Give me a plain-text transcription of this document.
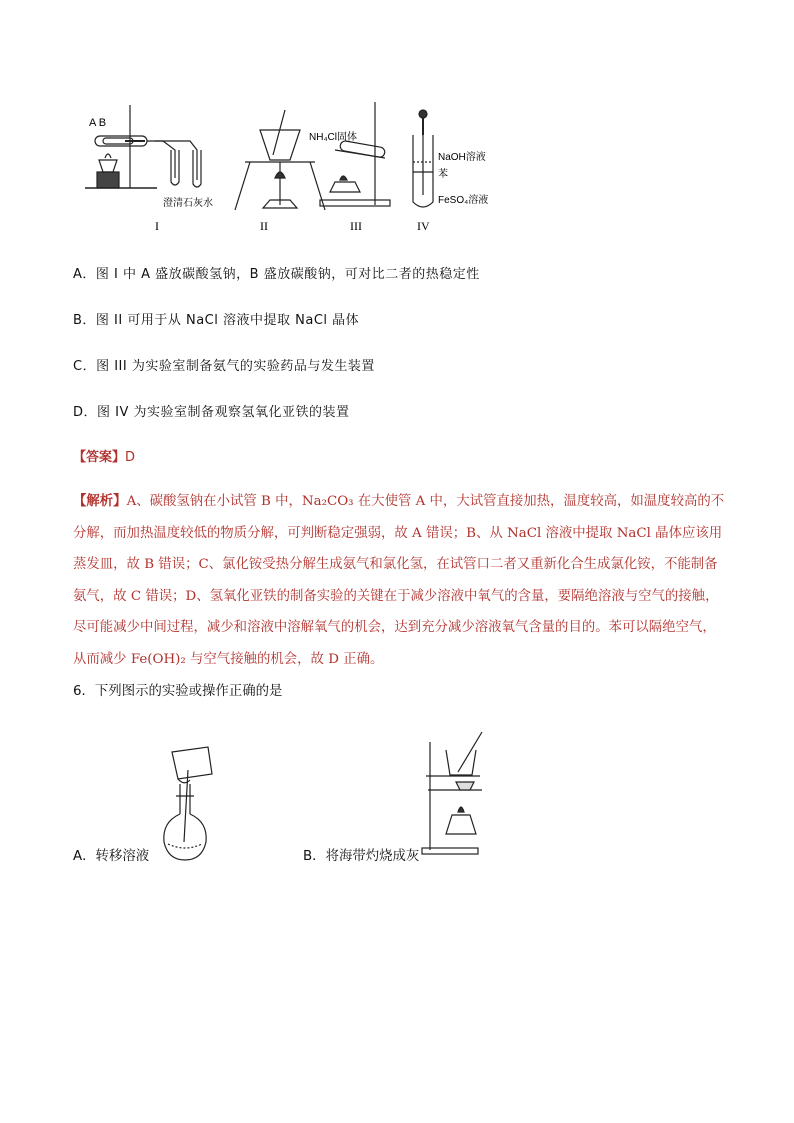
A B
澄清石灰水
NH₄Cl固体
NaOH溶液
苯
FeSO₄溶液
I	II	III	IV
A．图 I 中 A 盛放碳酸氢钠，B 盛放碳酸钠，可对比二者的热稳定性
B．图 II 可用于从 NaCl 溶液中提取 NaCl 晶体
C．图 III 为实验室制备氨气的实验药品与发生装置
D．图 IV 为实验室制备观察氢氧化亚铁的装置
【答案】D
【解析】A、碳酸氢钠在小试管 B 中，Na₂CO₃ 在大使管 A 中，大试管直接加热，温度较高，如温度较高的不分解，而加热温度较低的物质分解，可判断稳定强弱，故 A 错误；B、从 NaCl 溶液中提取 NaCl 晶体应该用蒸发皿，故 B 错误；C、氯化铵受热分解生成氨气和氯化氢，在试管口二者又重新化合生成氯化铵，不能制备氨气，故 C 错误；D、氢氧化亚铁的制备实验的关键在于减少溶液中氧气的含量，要隔绝溶液与空气的接触，尽可能减少中间过程，减少和溶液中溶解氧气的机会，达到充分减少溶液氧气含量的目的。苯可以隔绝空气，从而减少 Fe(OH)₂ 与空气接触的机会，故 D 正确。
6．下列图示的实验或操作正确的是
A．转移溶液	B．将海带灼烧成灰
